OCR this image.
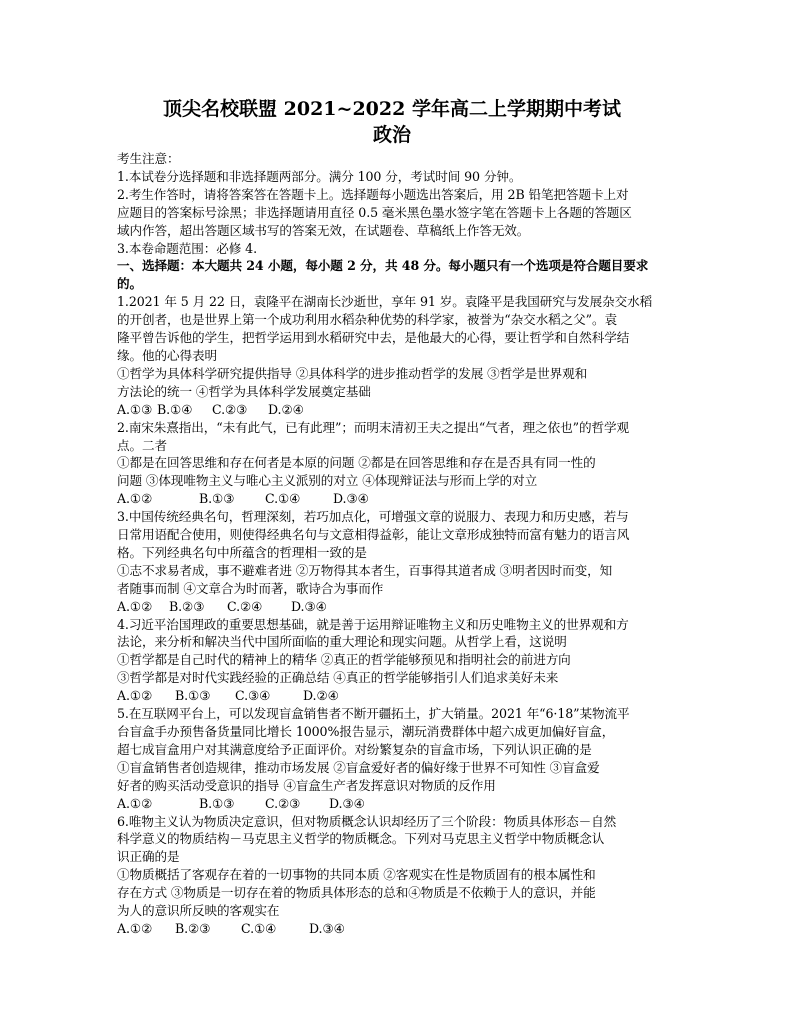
顶尖名校联盟 2021~2022 学年高二上学期期中考试
政治
考生注意：
1.本试卷分选择题和非选择题两部分。满分 100 分，考试时间 90 分钟。
2.考生作答时，请将答案答在答题卡上。选择题每小题选出答案后，用 2B 铅笔把答题卡上对
应题目的答案标号涂黑；非选择题请用直径 0.5 毫米黑色墨水签字笔在答题卡上各题的答题区
域内作答，超出答题区域书写的答案无效，在试题卷、草稿纸上作答无效。
3.本卷命题范围：必修 4.
一、选择题：本大题共 24 小题，每小题 2 分，共 48 分。每小题只有一个选项是符合题目要求
的。
1.2021 年 5 月 22 日，袁隆平在湖南长沙逝世，享年 91 岁。袁隆平是我国研究与发展杂交水稻
的开创者，也是世界上第一个成功利用水稻杂种优势的科学家，被誉为“杂交水稻之父”。袁
隆平曾告诉他的学生，把哲学运用到水稻研究中去，是他最大的心得，要让哲学和自然科学结
缘。他的心得表明
①哲学为具体科学研究提供指导 ②具体科学的进步推动哲学的发展 ③哲学是世界观和
方法论的统一 ④哲学为具体科学发展奠定基础
A.①③ B.①④ C.②③ D.②④
2.南宋朱熹指出，“未有此气，已有此理”；而明末清初王夫之提出“气者，理之依也”的哲学观
点。二者
①都是在回答思维和存在何者是本原的问题 ②都是在回答思维和存在是否具有同一性的
问题 ③体现唯物主义与唯心主义派别的对立 ④体现辩证法与形而上学的对立
A.①②	B.①③ C.①④	D.③④
3.中国传统经典名句，哲理深刻，若巧加点化，可增强文章的说服力、表现力和历史感，若与
日常用语配合使用，则使得经典名句与文意相得益彰，能让文章形成独特而富有魅力的语言风
格。下列经典名句中所蕴含的哲理相一致的是
①志不求易者成，事不避难者进 ②万物得其本者生，百事得其道者成 ③明者因时而变，知
者随事而制 ④文章合为时而著，歌诗合为事而作
A.①② B.②③ C.②④ D.③④
4.习近平治国理政的重要思想基础，就是善于运用辩证唯物主义和历史唯物主义的世界观和方
法论，来分析和解决当代中国所面临的重大理论和现实问题。从哲学上看，这说明
①哲学都是自己时代的精神上的精华 ②真正的哲学能够预见和指明社会的前进方向
③哲学都是对时代实践经验的正确总结 ④真正的哲学能够指引人们追求美好未来
A.①② B.①③ C.③④	D.②④
5.在互联网平台上，可以发现盲盒销售者不断开疆拓土，扩大销量。2021 年“6·18”某物流平
台盲盒手办预售备货量同比增长 1000%报告显示，潮玩消费群体中超六成更加偏好盲盒，
超七成盲盒用户对其满意度给予正面评价。对纷繁复杂的盲盒市场，下列认识正确的是
①盲盒销售者创造规律，推动市场发展 ②盲盒爱好者的偏好缘于世界不可知性 ③盲盒爱
好者的购买活动受意识的指导 ④盲盒生产者发挥意识对物质的反作用
A.①②	B.①③ C.②③ D.③④
6.唯物主义认为物质决定意识，但对物质概念认识却经历了三个阶段：物质具体形态－自然
科学意义的物质结构－马克思主义哲学的物质概念。下列对马克思主义哲学中物质概念认
识正确的是
①物质概括了客观存在着的一切事物的共同本质 ②客观实在性是物质固有的根本属性和
存在方式 ③物质是一切存在着的物质具体形态的总和④物质是不依赖于人的意识，并能
为人的意识所反映的客观实在
A.①② B.②③ C.①④	D.③④
